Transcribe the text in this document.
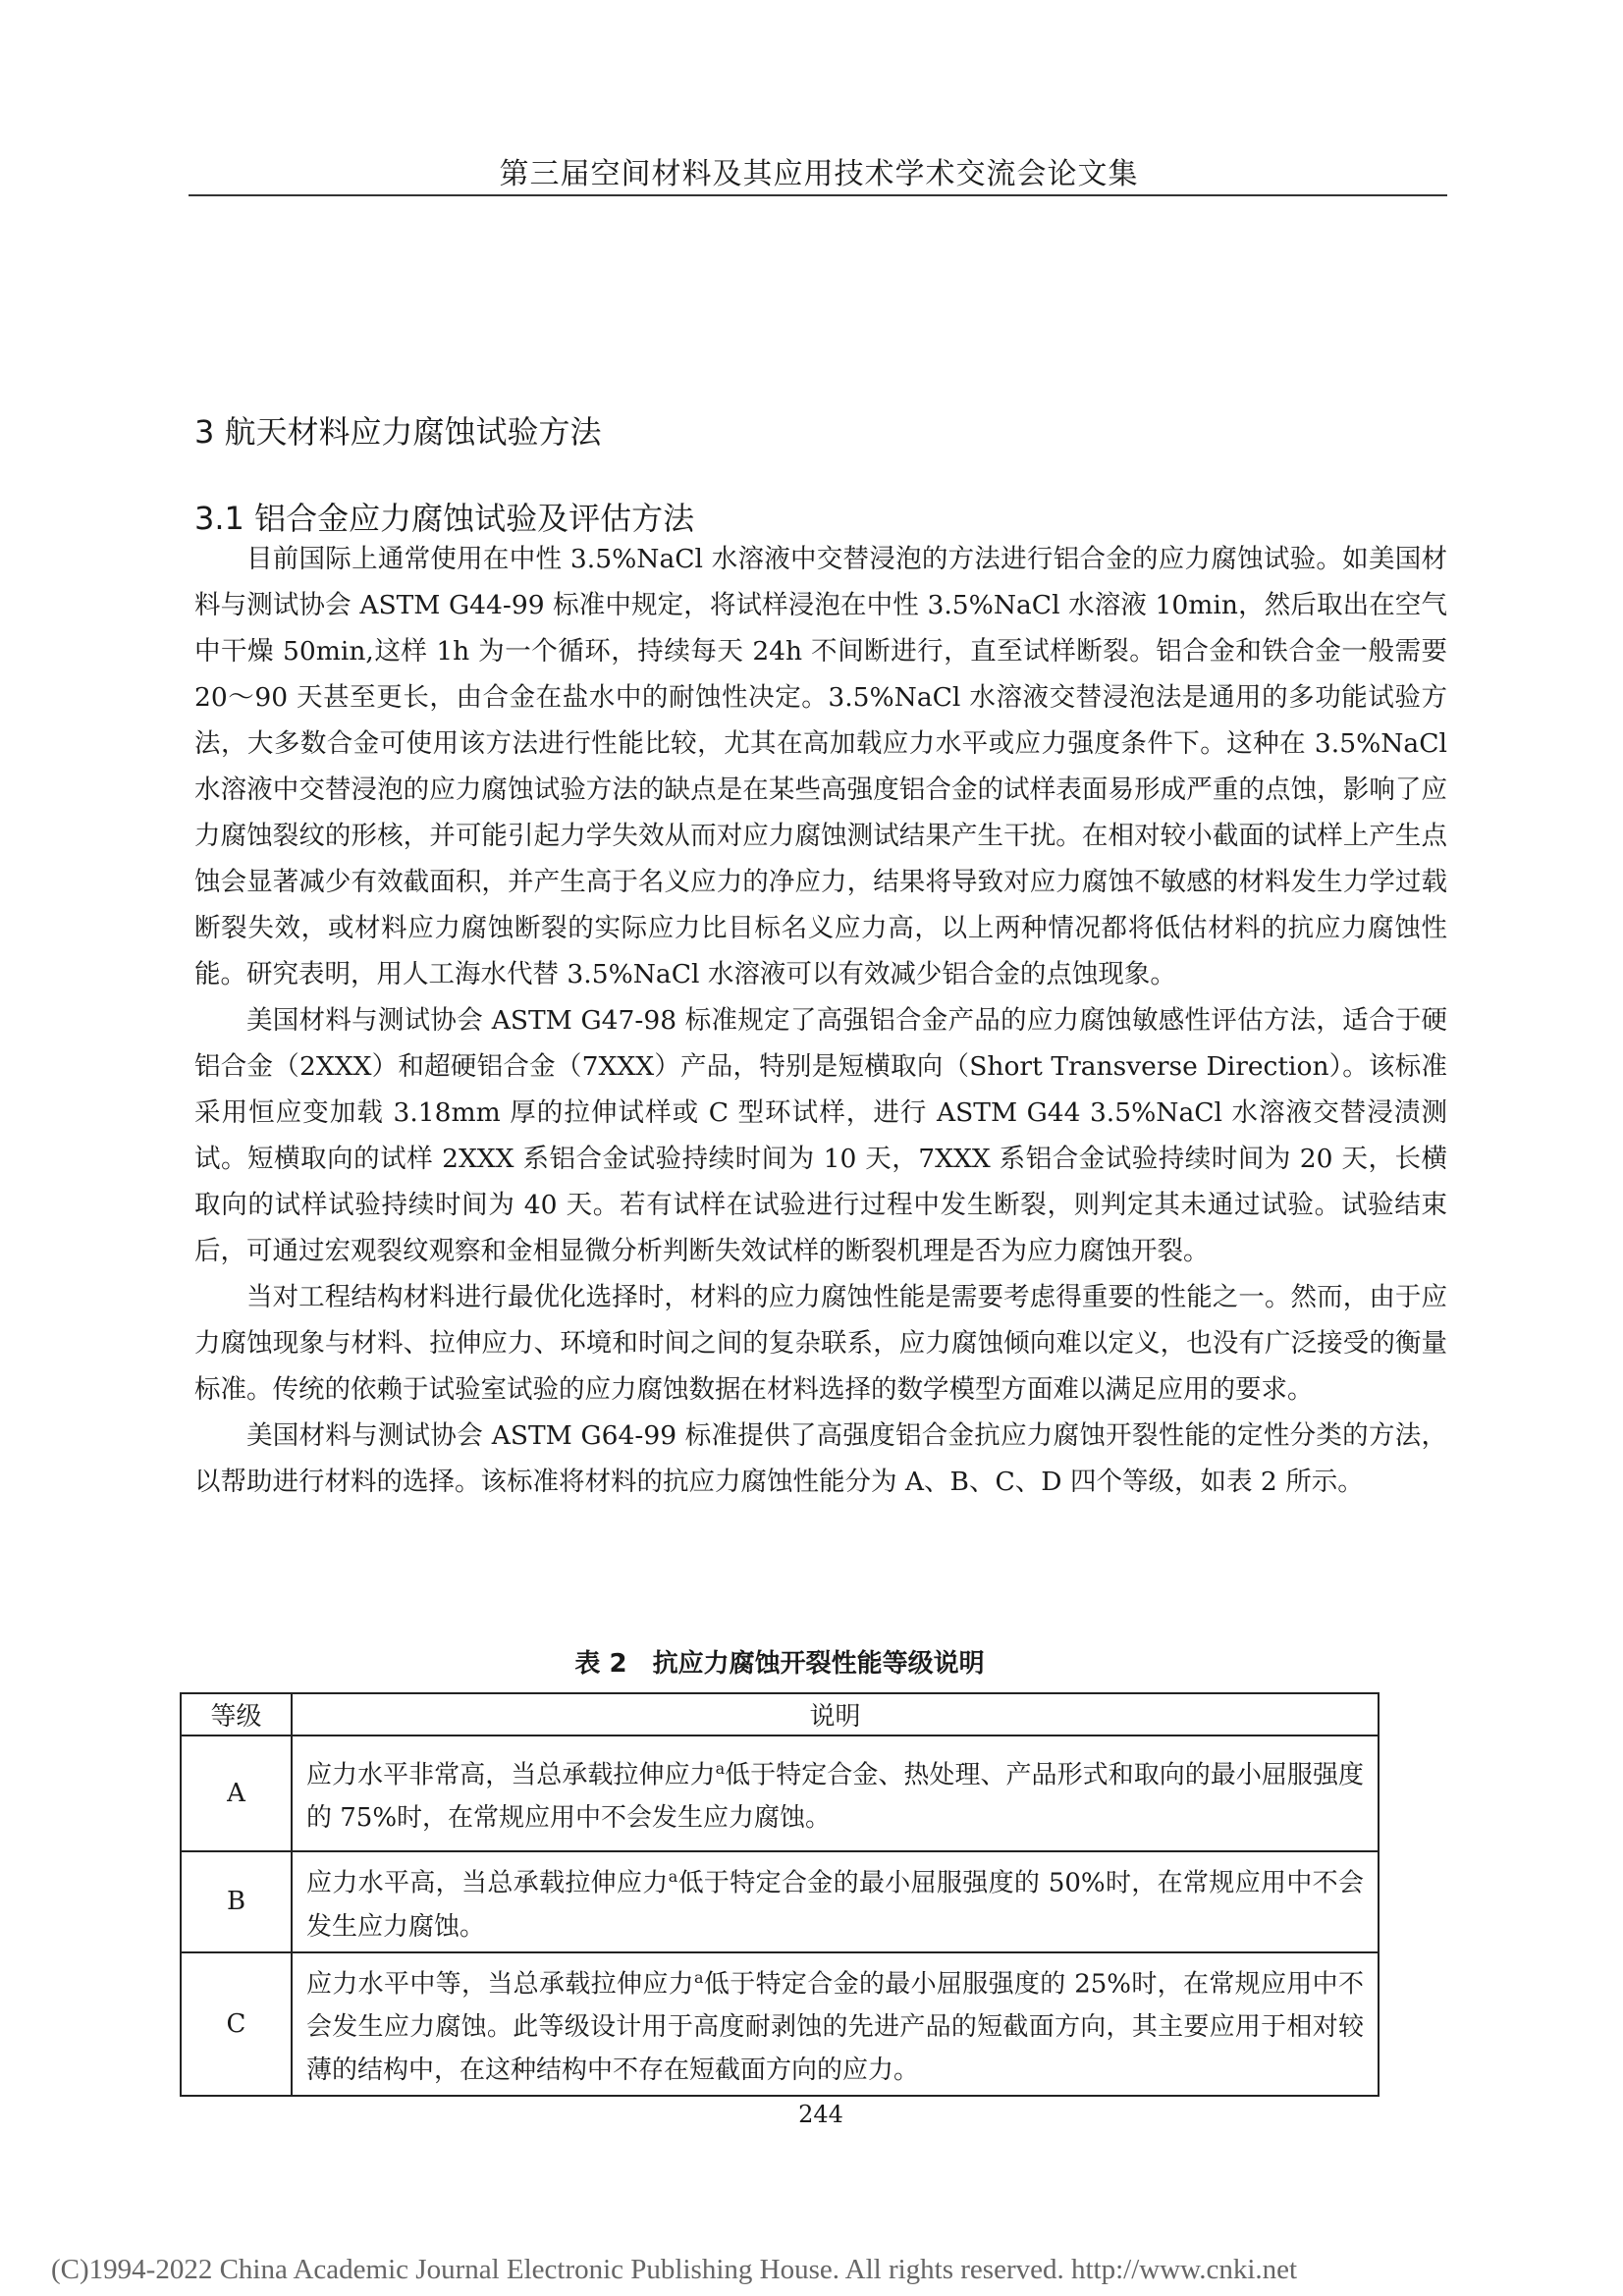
第三届空间材料及其应用技术学术交流会论文集
3 航天材料应力腐蚀试验方法
3.1 铝合金应力腐蚀试验及评估方法

目前国际上通常使用在中性 3.5%NaCl 水溶液中交替浸泡的方法进行铝合金的应力腐蚀试验。如美国材料与测试协会 ASTM G44-99 标准中规定，将试样浸泡在中性 3.5%NaCl 水溶液 10min，然后取出在空气中干燥 50min,这样 1h 为一个循环，持续每天 24h 不间断进行，直至试样断裂。铝合金和铁合金一般需要 20～90 天甚至更长，由合金在盐水中的耐蚀性决定。3.5%NaCl 水溶液交替浸泡法是通用的多功能试验方法，大多数合金可使用该方法进行性能比较，尤其在高加载应力水平或应力强度条件下。这种在 3.5%NaCl 水溶液中交替浸泡的应力腐蚀试验方法的缺点是在某些高强度铝合金的试样表面易形成严重的点蚀，影响了应力腐蚀裂纹的形核，并可能引起力学失效从而对应力腐蚀测试结果产生干扰。在相对较小截面的试样上产生点蚀会显著减少有效截面积，并产生高于名义应力的净应力，结果将导致对应力腐蚀不敏感的材料发生力学过载断裂失效，或材料应力腐蚀断裂的实际应力比目标名义应力高，以上两种情况都将低估材料的抗应力腐蚀性能。研究表明，用人工海水代替 3.5%NaCl 水溶液可以有效减少铝合金的点蚀现象。

美国材料与测试协会 ASTM G47-98 标准规定了高强铝合金产品的应力腐蚀敏感性评估方法，适合于硬铝合金（2XXX）和超硬铝合金（7XXX）产品，特别是短横取向（Short Transverse Direction）。该标准采用恒应变加载 3.18mm 厚的拉伸试样或 C 型环试样，进行 ASTM G44 3.5%NaCl 水溶液交替浸渍测试。短横取向的试样 2XXX 系铝合金试验持续时间为 10 天，7XXX 系铝合金试验持续时间为 20 天，长横取向的试样试验持续时间为 40 天。若有试样在试验进行过程中发生断裂，则判定其未通过试验。试验结束后，可通过宏观裂纹观察和金相显微分析判断失效试样的断裂机理是否为应力腐蚀开裂。

当对工程结构材料进行最优化选择时，材料的应力腐蚀性能是需要考虑得重要的性能之一。然而，由于应力腐蚀现象与材料、拉伸应力、环境和时间之间的复杂联系，应力腐蚀倾向难以定义，也没有广泛接受的衡量标准。传统的依赖于试验室试验的应力腐蚀数据在材料选择的数学模型方面难以满足应用的要求。

美国材料与测试协会 ASTM G64-99 标准提供了高强度铝合金抗应力腐蚀开裂性能的定性分类的方法，以帮助进行材料的选择。该标准将材料的抗应力腐蚀性能分为 A、B、C、D 四个等级，如表 2 所示。

表 2　抗应力腐蚀开裂性能等级说明
等级	说明
A	应力水平非常高，当总承载拉伸应力$^a$低于特定合金、热处理、产品形式和取向的最小屈服强度的 75%时，在常规应用中不会发生应力腐蚀。
B	应力水平高，当总承载拉伸应力$^a$低于特定合金的最小屈服强度的 50%时，在常规应用中不会发生应力腐蚀。
C	应力水平中等，当总承载拉伸应力$^a$低于特定合金的最小屈服强度的 25%时，在常规应用中不会发生应力腐蚀。此等级设计用于高度耐剥蚀的先进产品的短截面方向，其主要应用于相对较薄的结构中，在这种结构中不存在短截面方向的应力。
244
(C)1994-2022 China Academic Journal Electronic Publishing House. All rights reserved. http://www.cnki.net
